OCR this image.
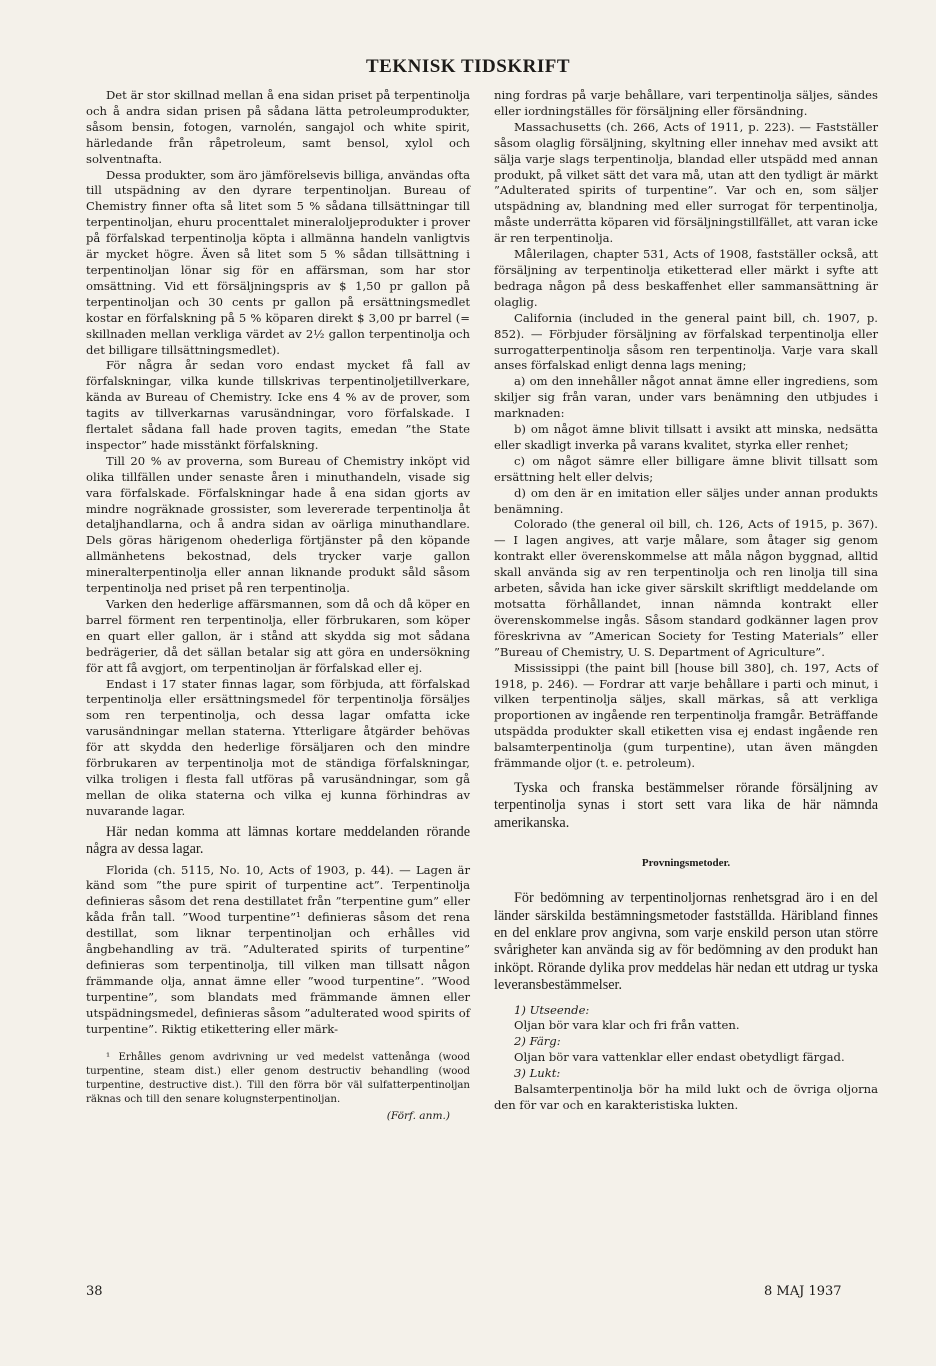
TEKNISK TIDSKRIFT

Det är stor skillnad mellan å ena sidan priset på terpentinolja och å andra sidan prisen på sådana lätta petroleumprodukter, såsom bensin, fotogen, varnolén, sangajol och white spirit, härledande från råpetroleum, samt bensol, xylol och solventnafta.

Dessa produkter, som äro jämförelsevis billiga, användas ofta till utspädning av den dyrare terpentinoljan. Bureau of Chemistry finner ofta så litet som 5 % sådana tillsättningar till terpentinoljan, ehuru procenttalet mineraloljeprodukter i prover på förfalskad terpentinolja köpta i allmänna handeln vanligtvis är mycket högre. Även så litet som 5 % sådan tillsättning i terpentinoljan lönar sig för en affärsman, som har stor omsättning. Vid ett försäljningspris av $ 1,50 pr gallon på terpentinoljan och 30 cents pr gallon på ersättningsmedlet kostar en förfalskning på 5 % köparen direkt $ 3,00 pr barrel (= skillnaden mellan verkliga värdet av 2½ gallon terpentinolja och det billigare tillsättningsmedlet).

För några år sedan voro endast mycket få fall av förfalskningar, vilka kunde tillskrivas terpentinoljetillverkare, kända av Bureau of Chemistry. Icke ens 4 % av de prover, som tagits av tillverkarnas varusändningar, voro förfalskade. I flertalet sådana fall hade proven tagits, emedan ”the State inspector” hade misstänkt förfalskning.

Till 20 % av proverna, som Bureau of Chemistry inköpt vid olika tillfällen under senaste åren i minuthandeln, visade sig vara förfalskade. Förfalskningar hade å ena sidan gjorts av mindre nogräknade grossister, som levererade terpentinolja åt detaljhandlarna, och å andra sidan av oärliga minuthandlare. Dels göras härigenom ohederliga förtjänster på den köpande allmänhetens bekostnad, dels trycker varje gallon mineralterpentinolja eller annan liknande produkt såld såsom terpentinolja ned priset på ren terpentinolja.

Varken den hederlige affärsmannen, som då och då köper en barrel förment ren terpentinolja, eller förbrukaren, som köper en quart eller gallon, är i stånd att skydda sig mot sådana bedrägerier, då det sällan betalar sig att göra en undersökning för att få avgjort, om terpentinoljan är förfalskad eller ej.

Endast i 17 stater finnas lagar, som förbjuda, att förfalskad terpentinolja eller ersättningsmedel för terpentinolja försäljes som ren terpentinolja, och dessa lagar omfatta icke varusändningar mellan staterna. Ytterligare åtgärder behövas för att skydda den hederlige försäljaren och den mindre förbrukaren av terpentinolja mot de ständiga förfalskningar, vilka troligen i flesta fall utföras på varusändningar, som gå mellan de olika staterna och vilka ej kunna förhindras av nuvarande lagar.

Här nedan komma att lämnas kortare meddelanden rörande några av dessa lagar.

Florida (ch. 5115, No. 10, Acts of 1903, p. 44). — Lagen är känd som ”the pure spirit of turpentine act”. Terpentinolja definieras såsom det rena destillatet från ”terpentine gum” eller kåda från tall. ”Wood turpentine”¹ definieras såsom det rena destillat, som liknar terpentinoljan och erhålles vid ångbehandling av trä. ”Adulterated spirits of turpentine” definieras som terpentinolja, till vilken man tillsatt någon främmande olja, annat ämne eller ”wood turpentine”. ”Wood turpentine”, som blandats med främmande ämnen eller utspädningsmedel, definieras såsom ”adulterated wood spirits of turpentine”. Riktig etikettering eller märk-

¹ Erhålles genom avdrivning ur ved medelst vattenånga (wood turpentine, steam dist.) eller genom destructiv behandling (wood turpentine, destructive dist.). Till den förra bör väl sulfatterpentinoljan räknas och till den senare kolugnsterpentinoljan.

(Förf. anm.)

ning fordras på varje behållare, vari terpentinolja säljes, sändes eller iordningställes för försäljning eller försändning.

Massachusetts (ch. 266, Acts of 1911, p. 223). — Fastställer såsom olaglig försäljning, skyltning eller innehav med avsikt att sälja varje slags terpentinolja, blandad eller utspädd med annan produkt, på vilket sätt det vara må, utan att den tydligt är märkt ”Adulterated spirits of turpentine”. Var och en, som säljer utspädning av, blandning med eller surrogat för terpentinolja, måste underrätta köparen vid försäljningstillfället, att varan icke är ren terpentinolja.

Målerilagen, chapter 531, Acts of 1908, fastställer också, att försäljning av terpentinolja etiketterad eller märkt i syfte att bedraga någon på dess beskaffenhet eller sammansättning är olaglig.

California (included in the general paint bill, ch. 1907, p. 852). — Förbjuder försäljning av förfalskad terpentinolja eller surrogatterpentinolja såsom ren terpentinolja. Varje vara skall anses förfalskad enligt denna lags mening;

a) om den innehåller något annat ämne eller ingrediens, som skiljer sig från varan, under vars benämning den utbjudes i marknaden:

b) om något ämne blivit tillsatt i avsikt att minska, nedsätta eller skadligt inverka på varans kvalitet, styrka eller renhet;

c) om något sämre eller billigare ämne blivit tillsatt som ersättning helt eller delvis;

d) om den är en imitation eller säljes under annan produkts benämning.

Colorado (the general oil bill, ch. 126, Acts of 1915, p. 367). — I lagen angives, att varje målare, som åtager sig genom kontrakt eller överenskommelse att måla någon byggnad, alltid skall använda sig av ren terpentinolja och ren linolja till sina arbeten, såvida han icke giver särskilt skriftligt meddelande om motsatta förhållandet, innan nämnda kontrakt eller överenskommelse ingås. Såsom standard godkänner lagen prov föreskrivna av ”American Society for Testing Materials” eller ”Bureau of Chemistry, U. S. Department of Agriculture”.

Mississippi (the paint bill [house bill 380], ch. 197, Acts of 1918, p. 246). — Fordrar att varje behållare i parti och minut, i vilken terpentinolja säljes, skall märkas, så att verkliga proportionen av ingående ren terpentinolja framgår. Beträffande utspädda produkter skall etiketten visa ej endast ingående ren balsamterpentinolja (gum turpentine), utan även mängden främmande oljor (t. e. petroleum).

Tyska och franska bestämmelser rörande försäljning av terpentinolja synas i stort sett vara lika de här nämnda amerikanska.

Provningsmetoder.

För bedömning av terpentinoljornas renhetsgrad äro i en del länder särskilda bestämningsmetoder fastställda. Häribland finnes en del enklare prov angivna, som varje enskild person utan större svårigheter kan använda sig av för bedömning av den produkt han inköpt. Rörande dylika prov meddelas här nedan ett utdrag ur tyska leveransbestämmelser.

1) Utseende:

Oljan bör vara klar och fri från vatten.

2) Färg:

Oljan bör vara vattenklar eller endast obetydligt färgad.

3) Lukt:

Balsamterpentinolja bör ha mild lukt och de övriga oljorna den för var och en karakteristiska lukten.

38	8 MAJ 1937
